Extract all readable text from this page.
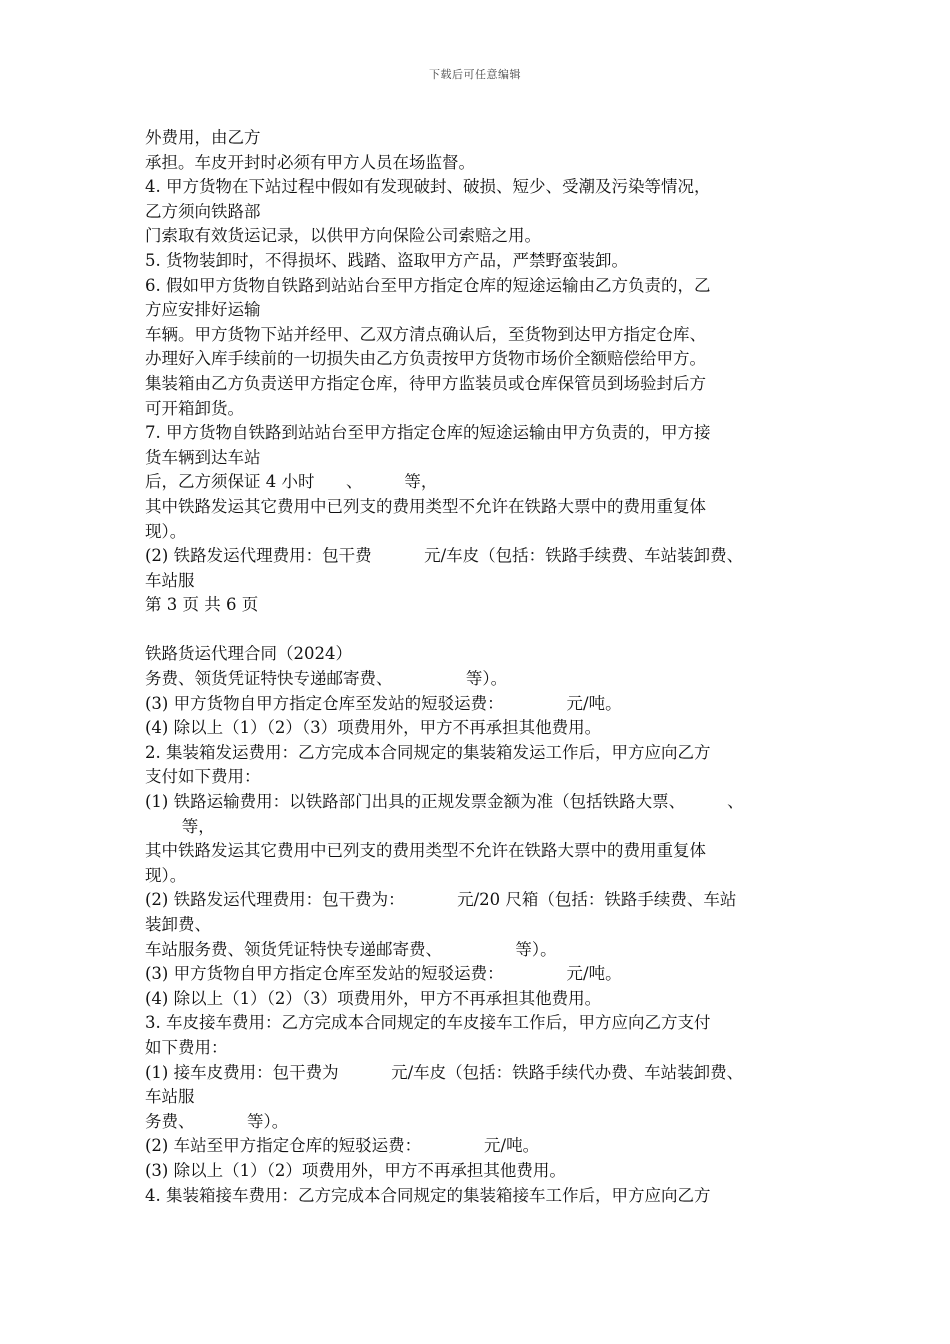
下载后可任意编辑
外费用，由乙方
承担。车皮开封时必须有甲方人员在场监督。
4. 甲方货物在下站过程中假如有发现破封、破损、短少、受潮及污染等情况，
乙方须向铁路部
门索取有效货运记录，以供甲方向保险公司索赔之用。
5. 货物装卸时，不得损坏、践踏、盗取甲方产品，严禁野蛮装卸。
6. 假如甲方货物自铁路到站站台至甲方指定仓库的短途运输由乙方负责的，乙
方应安排好运输
车辆。甲方货物下站并经甲、乙双方清点确认后，至货物到达甲方指定仓库、
办理好入库手续前的一切损失由乙方负责按甲方货物市场价全额赔偿给甲方。
集装箱由乙方负责送甲方指定仓库，待甲方监装员或仓库保管员到场验封后方
可开箱卸货。
7. 甲方货物自铁路到站站台至甲方指定仓库的短途运输由甲方负责的，甲方接
货车辆到达车站
后，乙方须保证 4 小时      、        等，
其中铁路发运其它费用中已列支的费用类型不允许在铁路大票中的费用重复体
现）。
(2) 铁路发运代理费用：包干费          元/车皮（包括：铁路手续费、车站装卸费、
车站服
第 3 页 共 6 页
铁路货运代理合同（2024）
务费、领货凭证特快专递邮寄费、              等）。
(3) 甲方货物自甲方指定仓库至发站的短驳运费：            元/吨。
(4) 除以上（1）（2）（3）项费用外，甲方不再承担其他费用。
2. 集装箱发运费用：乙方完成本合同规定的集装箱发运工作后，甲方应向乙方
支付如下费用：
(1) 铁路运输费用：以铁路部门出具的正规发票金额为准（包括铁路大票、        、
等，
其中铁路发运其它费用中已列支的费用类型不允许在铁路大票中的费用重复体
现）。
(2) 铁路发运代理费用：包干费为：          元/20 尺箱（包括：铁路手续费、车站
装卸费、
车站服务费、领货凭证特快专递邮寄费、              等）。
(3) 甲方货物自甲方指定仓库至发站的短驳运费：            元/吨。
(4) 除以上（1）（2）（3）项费用外，甲方不再承担其他费用。
3. 车皮接车费用：乙方完成本合同规定的车皮接车工作后，甲方应向乙方支付
如下费用：
(1) 接车皮费用：包干费为          元/车皮（包括：铁路手续代办费、车站装卸费、
车站服
务费、          等）。
(2) 车站至甲方指定仓库的短驳运费：            元/吨。
(3) 除以上（1）（2）项费用外，甲方不再承担其他费用。
4. 集装箱接车费用：乙方完成本合同规定的集装箱接车工作后，甲方应向乙方
